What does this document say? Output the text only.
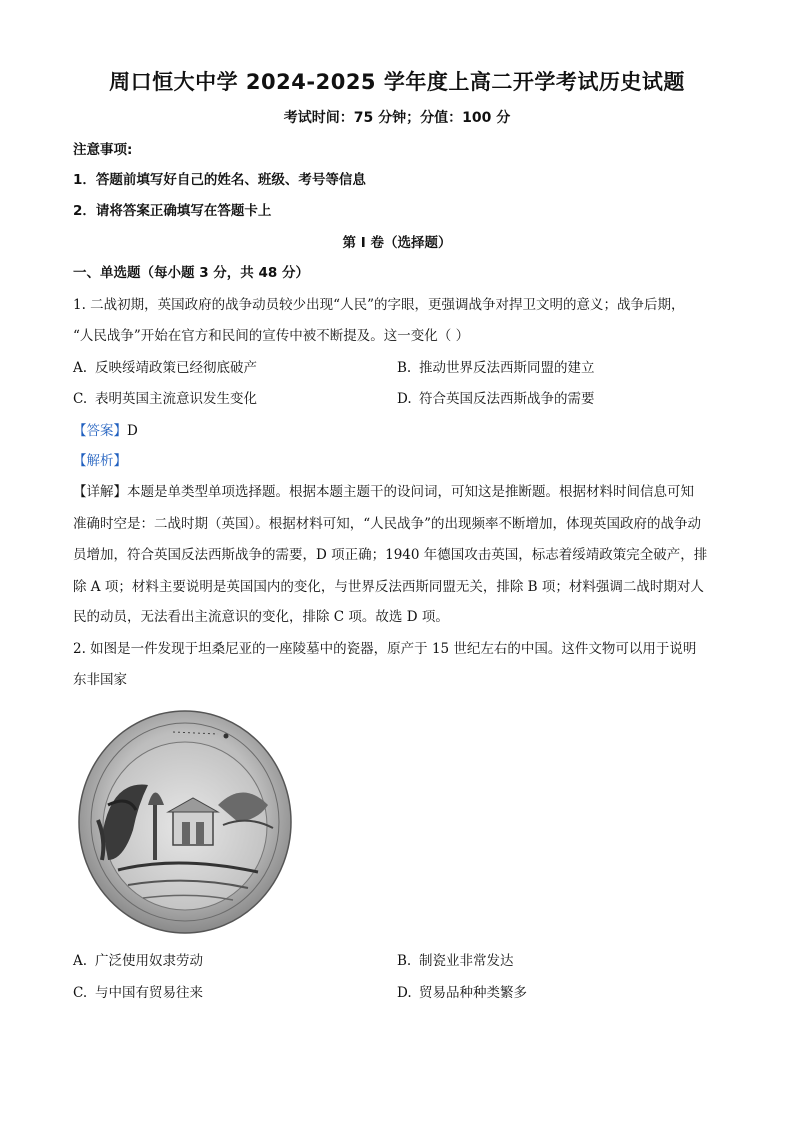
周口恒大中学 2024-2025 学年度上高二开学考试历史试题
考试时间：75 分钟；分值：100 分
注意事项:
1．答题前填写好自己的姓名、班级、考号等信息
2．请将答案正确填写在答题卡上
第 I 卷（选择题）
一、单选题（每小题 3 分，共 48 分）
1. 二战初期，英国政府的战争动员较少出现“人民”的字眼，更强调战争对捍卫文明的意义；战争后期，
“人民战争”开始在官方和民间的宣传中被不断提及。这一变化（ ）
A. 反映绥靖政策已经彻底破产	B. 推动世界反法西斯同盟的建立
C. 表明英国主流意识发生变化	D. 符合英国反法西斯战争的需要
【答案】D
【解析】
【详解】本题是单类型单项选择题。根据本题主题干的设问词，可知这是推断题。根据材料时间信息可知
准确时空是：二战时期（英国）。根据材料可知，“人民战争”的出现频率不断增加，体现英国政府的战争动
员增加，符合英国反法西斯战争的需要，D 项正确；1940 年德国攻击英国，标志着绥靖政策完全破产，排
除 A 项；材料主要说明是英国国内的变化，与世界反法西斯同盟无关，排除 B 项；材料强调二战时期对人
民的动员，无法看出主流意识的变化，排除 C 项。故选 D 项。
2. 如图是一件发现于坦桑尼亚的一座陵墓中的瓷器，原产于 15 世纪左右的中国。这件文物可以用于说明
东非国家
A. 广泛使用奴隶劳动	B. 制瓷业非常发达
C. 与中国有贸易往来	D. 贸易品种种类繁多
